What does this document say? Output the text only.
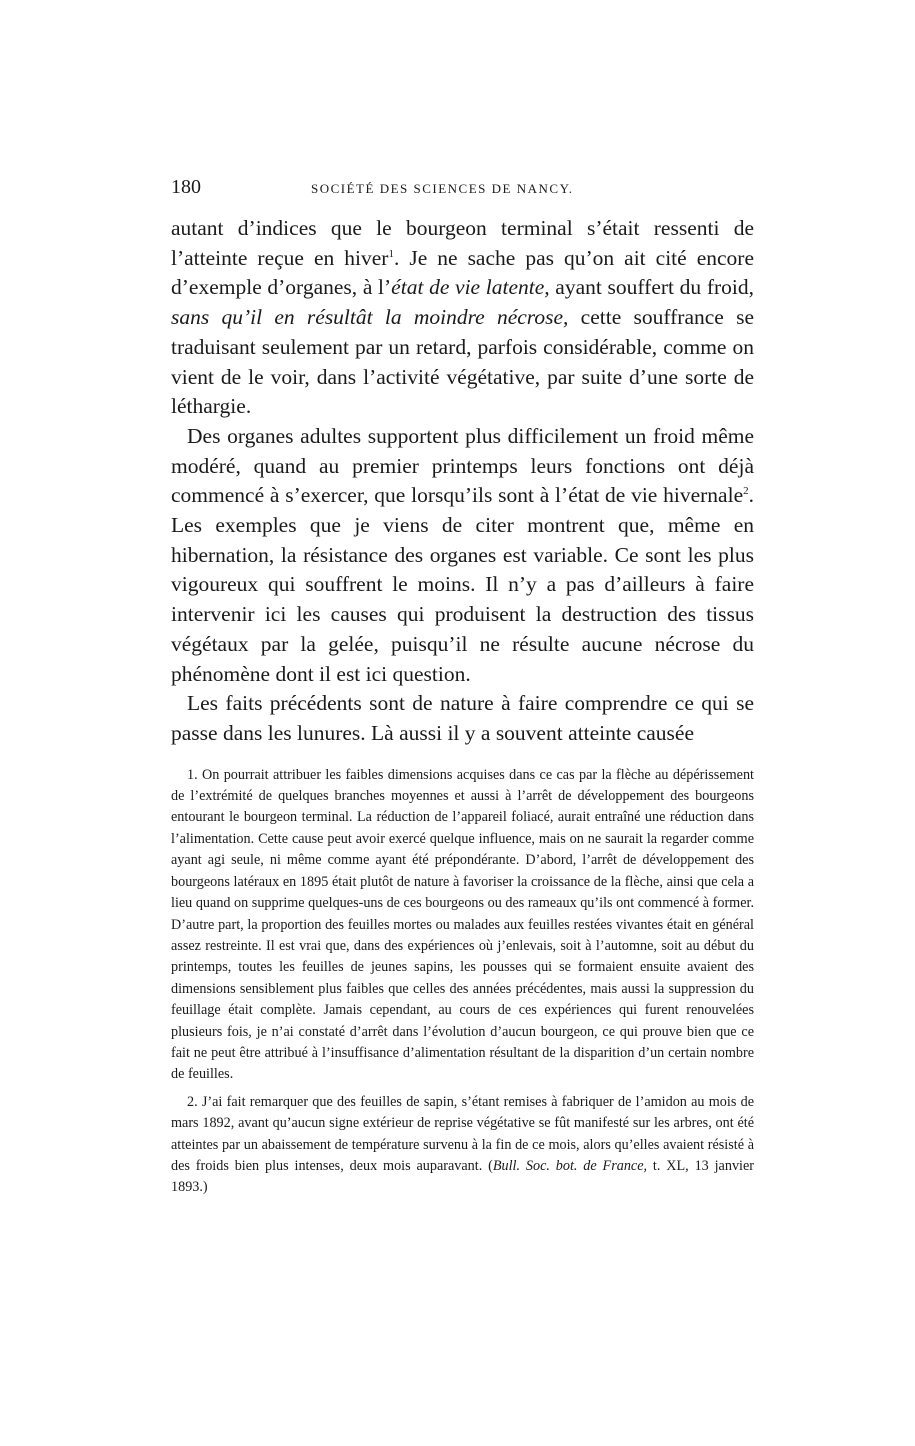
180	SOCIÉTÉ DES SCIENCES DE NANCY.

autant d’indices que le bourgeon terminal s’était ressenti de l’atteinte reçue en hiver$^1$. Je ne sache pas qu’on ait cité encore d’exemple d’organes, à l’état de vie latente, ayant souffert du froid, sans qu’il en résultât la moindre nécrose, cette souffrance se traduisant seulement par un retard, parfois considérable, comme on vient de le voir, dans l’activité végétative, par suite d’une sorte de léthargie.

Des organes adultes supportent plus difficilement un froid même modéré, quand au premier printemps leurs fonctions ont déjà commencé à s’exercer, que lorsqu’ils sont à l’état de vie hivernale$^2$. Les exemples que je viens de citer montrent que, même en hibernation, la résistance des organes est variable. Ce sont les plus vigoureux qui souffrent le moins. Il n’y a pas d’ailleurs à faire intervenir ici les causes qui produisent la destruction des tissus végétaux par la gelée, puisqu’il ne résulte aucune nécrose du phénomène dont il est ici question.

Les faits précédents sont de nature à faire comprendre ce qui se passe dans les lunures. Là aussi il y a souvent atteinte causée

1. On pourrait attribuer les faibles dimensions acquises dans ce cas par la flèche au dépérissement de l’extrémité de quelques branches moyennes et aussi à l’arrêt de développement des bourgeons entourant le bourgeon terminal. La réduction de l’appareil foliacé, aurait entraîné une réduction dans l’alimentation. Cette cause peut avoir exercé quelque influence, mais on ne saurait la regarder comme ayant agi seule, ni même comme ayant été prépondérante. D’abord, l’arrêt de développement des bourgeons latéraux en 1895 était plutôt de nature à favoriser la croissance de la flèche, ainsi que cela a lieu quand on supprime quelques-uns de ces bourgeons ou des rameaux qu’ils ont commencé à former. D’autre part, la proportion des feuilles mortes ou malades aux feuilles restées vivantes était en général assez restreinte. Il est vrai que, dans des expériences où j’enlevais, soit à l’automne, soit au début du printemps, toutes les feuilles de jeunes sapins, les pousses qui se formaient ensuite avaient des dimensions sensiblement plus faibles que celles des années précédentes, mais aussi la suppression du feuillage était complète. Jamais cependant, au cours de ces expériences qui furent renouvelées plusieurs fois, je n’ai constaté d’arrêt dans l’évolution d’aucun bourgeon, ce qui prouve bien que ce fait ne peut être attribué à l’insuffisance d’alimentation résultant de la disparition d’un certain nombre de feuilles.

2. J’ai fait remarquer que des feuilles de sapin, s’étant remises à fabriquer de l’amidon au mois de mars 1892, avant qu’aucun signe extérieur de reprise végétative se fût manifesté sur les arbres, ont été atteintes par un abaissement de température survenu à la fin de ce mois, alors qu’elles avaient résisté à des froids bien plus intenses, deux mois auparavant. (Bull. Soc. bot. de France, t. XL, 13 janvier 1893.)
